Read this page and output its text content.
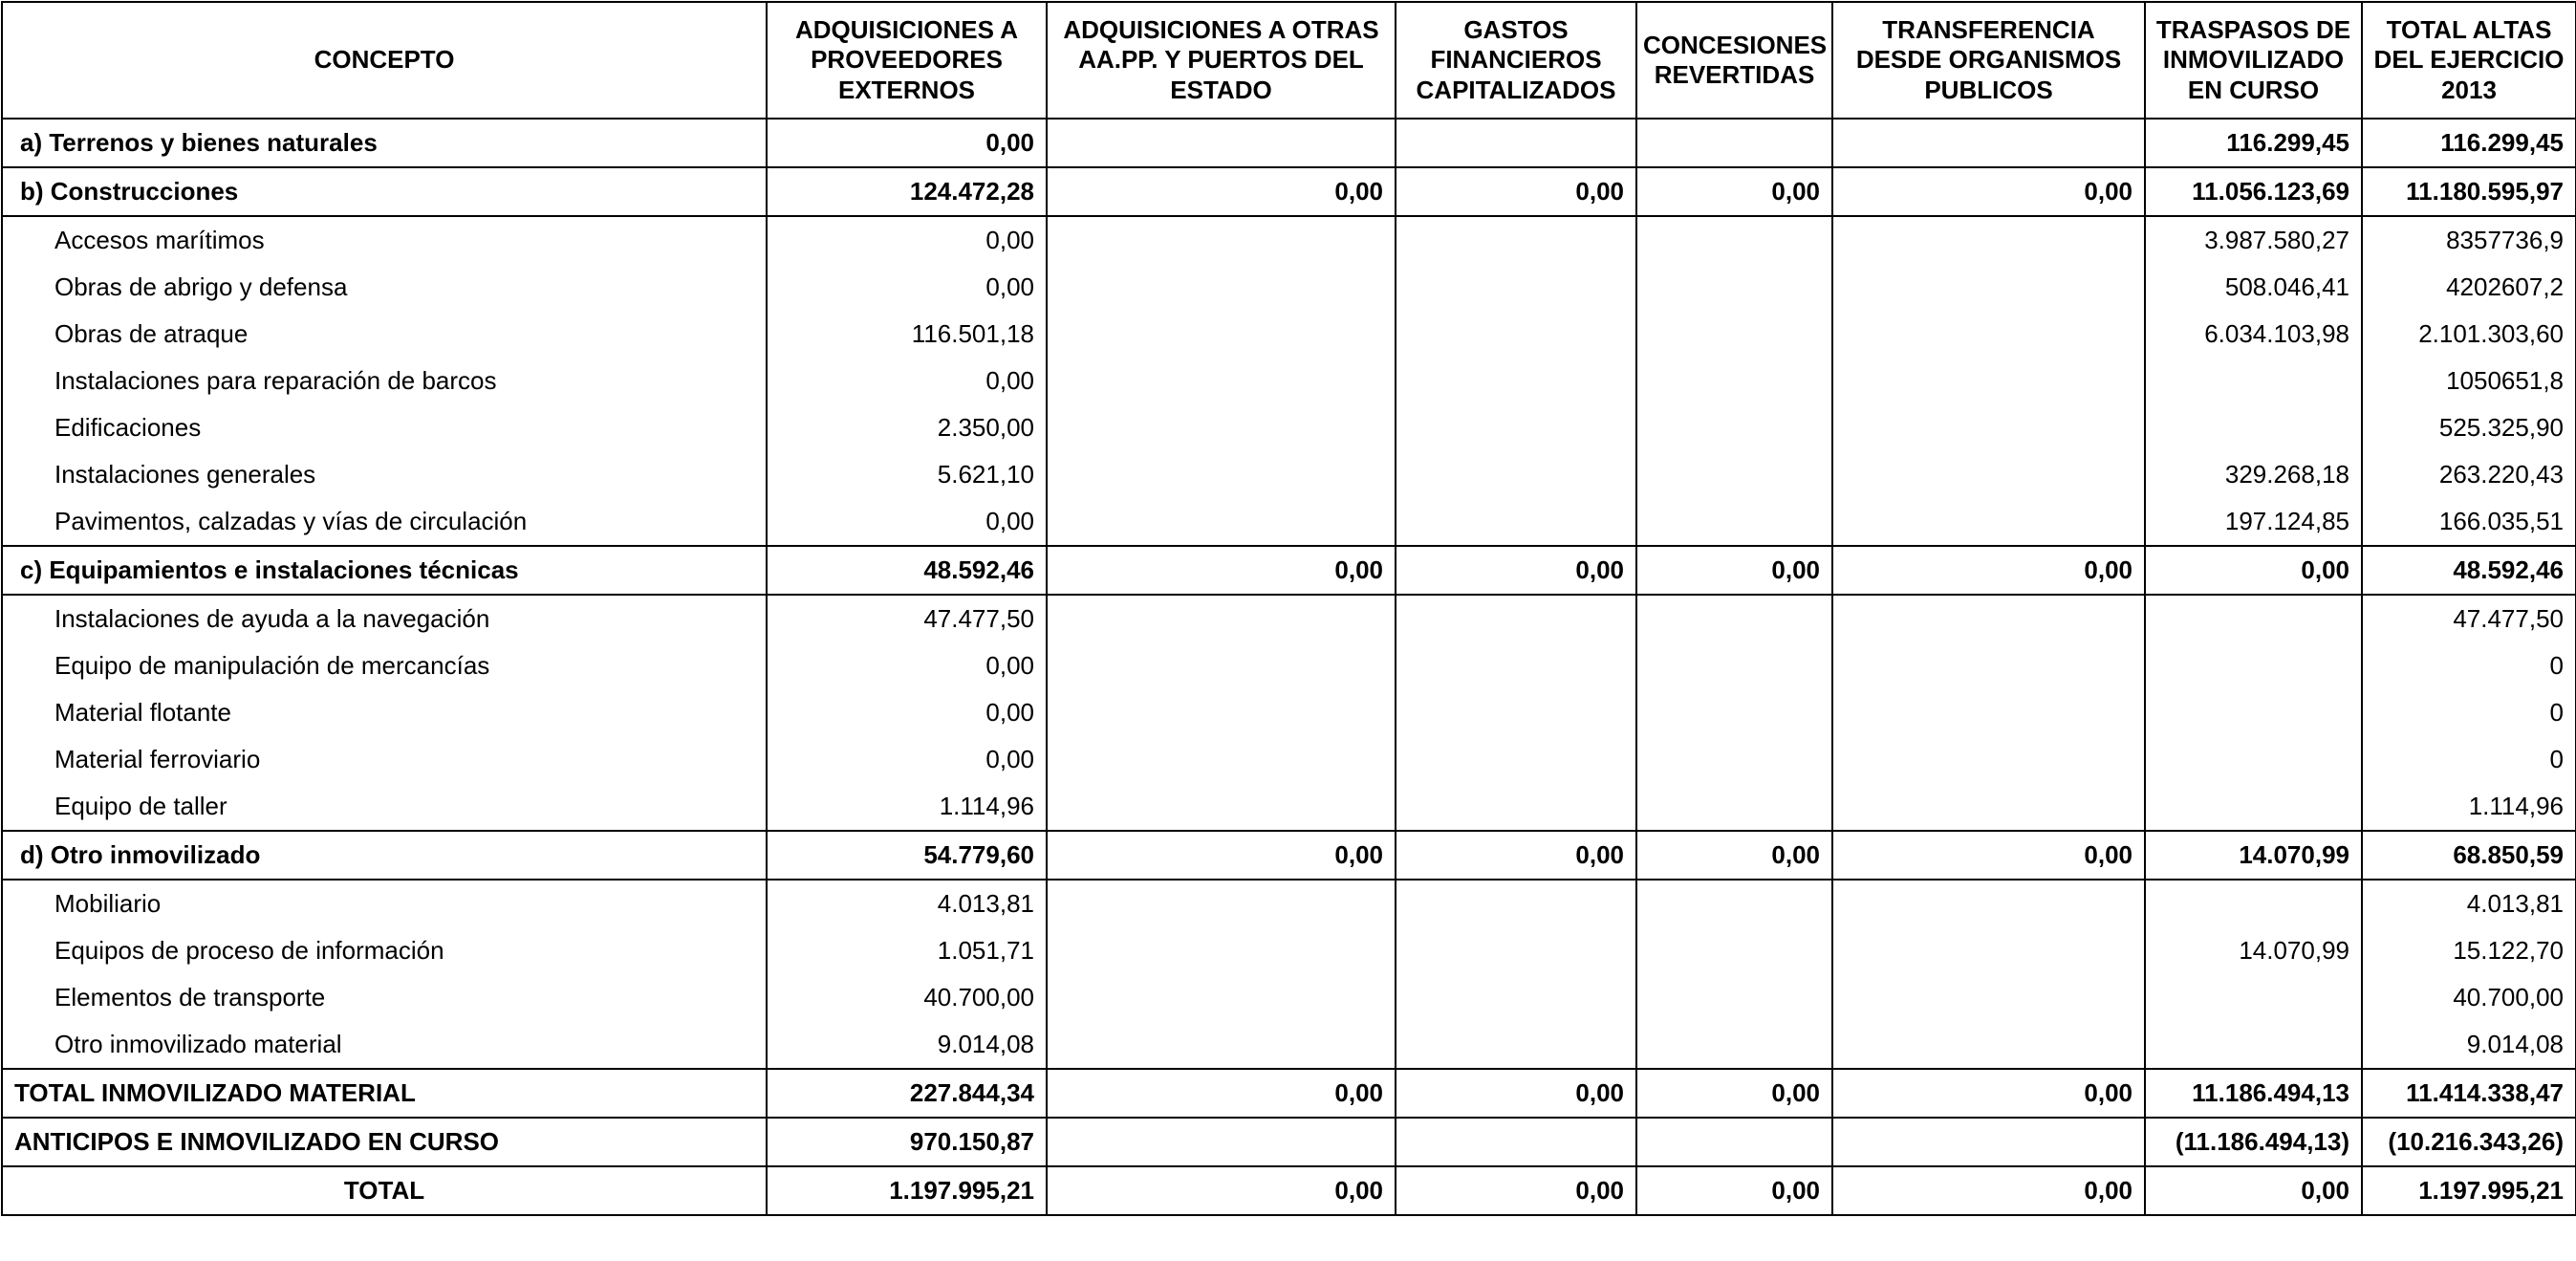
CONCEPTO	ADQUISICIONES A PROVEEDORES EXTERNOS	ADQUISICIONES A OTRAS AA.PP. Y PUERTOS DEL ESTADO	GASTOS FINANCIEROS CAPITALIZADOS	CONCESIONES REVERTIDAS	TRANSFERENCIA DESDE ORGANISMOS PUBLICOS	TRASPASOS DE INMOVILIZADO EN CURSO	TOTAL ALTAS DEL EJERCICIO 2013
a) Terrenos y bienes naturales	0,00					116.299,45	116.299,45
b) Construcciones	124.472,28	0,00	0,00	0,00	0,00	11.056.123,69	11.180.595,97
Accesos marítimos	0,00					3.987.580,27	8357736,9
Obras de abrigo y defensa	0,00					508.046,41	4202607,2
Obras de atraque	116.501,18					6.034.103,98	2.101.303,60
Instalaciones para reparación de barcos	0,00						1050651,8
Edificaciones	2.350,00						525.325,90
Instalaciones generales	5.621,10					329.268,18	263.220,43
Pavimentos, calzadas y vías de circulación	0,00					197.124,85	166.035,51
c) Equipamientos e instalaciones técnicas	48.592,46	0,00	0,00	0,00	0,00	0,00	48.592,46
Instalaciones de ayuda a la navegación	47.477,50						47.477,50
Equipo de manipulación de mercancías	0,00						0
Material flotante	0,00						0
Material ferroviario	0,00						0
Equipo de taller	1.114,96						1.114,96
d) Otro inmovilizado	54.779,60	0,00	0,00	0,00	0,00	14.070,99	68.850,59
Mobiliario	4.013,81						4.013,81
Equipos de proceso de información	1.051,71					14.070,99	15.122,70
Elementos de transporte	40.700,00						40.700,00
Otro inmovilizado material	9.014,08						9.014,08
TOTAL INMOVILIZADO MATERIAL	227.844,34	0,00	0,00	0,00	0,00	11.186.494,13	11.414.338,47
ANTICIPOS E INMOVILIZADO EN CURSO	970.150,87					(11.186.494,13)	(10.216.343,26)
TOTAL	1.197.995,21	0,00	0,00	0,00	0,00	0,00	1.197.995,21
